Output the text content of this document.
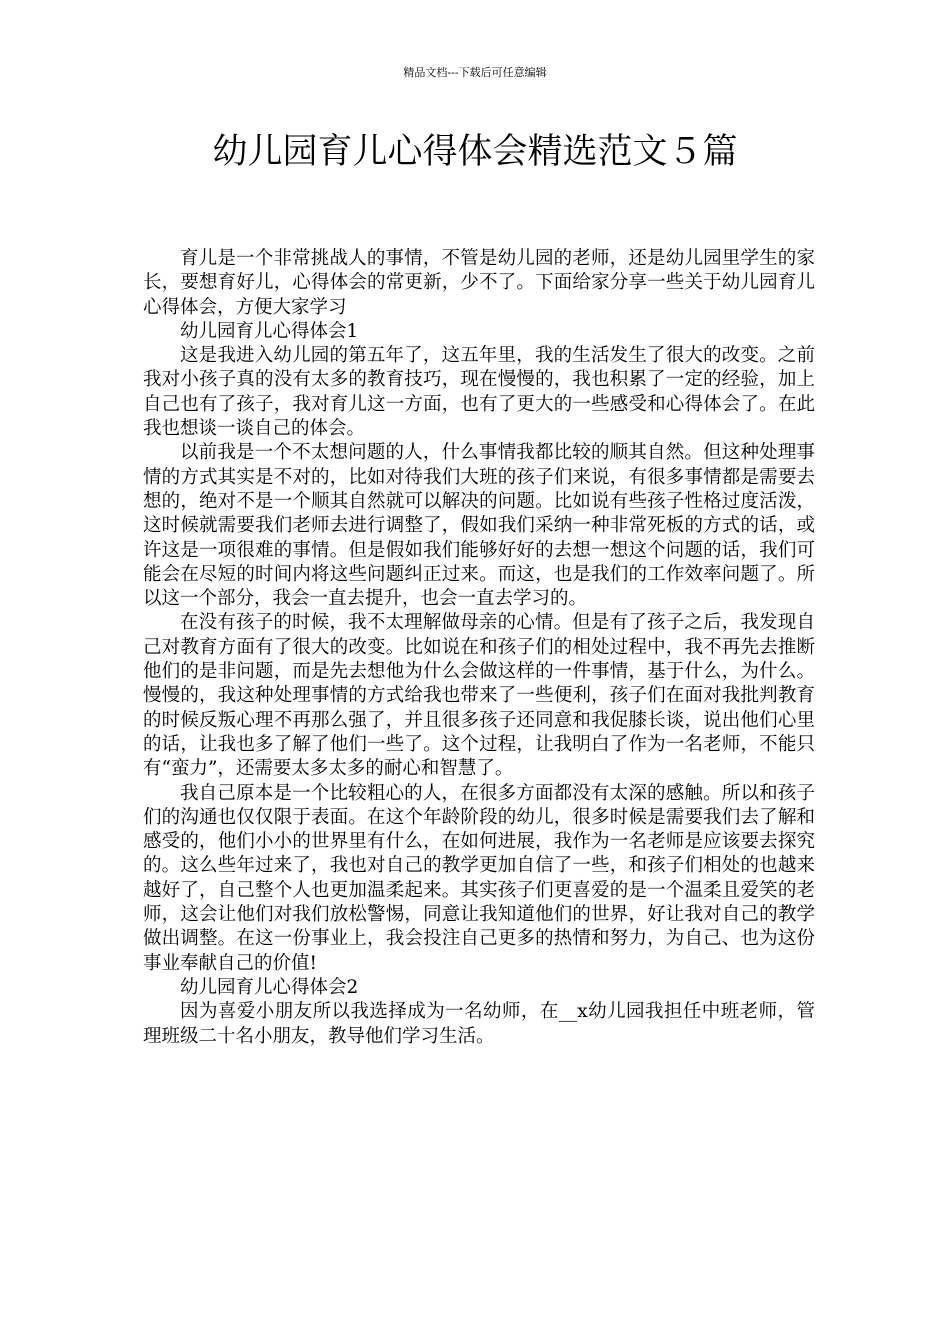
精品文档---下载后可任意编辑
幼儿园育儿心得体会精选范文５篇

育儿是一个非常挑战人的事情，不管是幼儿园的老师，还是幼儿园里学生的家长，要想育好儿，心得体会的常更新，少不了。下面给家分享一些关于幼儿园育儿心得体会，方便大家学习

幼儿园育儿心得体会1

这是我进入幼儿园的第五年了，这五年里，我的生活发生了很大的改变。之前我对小孩子真的没有太多的教育技巧，现在慢慢的，我也积累了一定的经验，加上自己也有了孩子，我对育儿这一方面，也有了更大的一些感受和心得体会了。在此我也想谈一谈自己的体会。

以前我是一个不太想问题的人，什么事情我都比较的顺其自然。但这种处理事情的方式其实是不对的，比如对待我们大班的孩子们来说，有很多事情都是需要去想的，绝对不是一个顺其自然就可以解决的问题。比如说有些孩子性格过度活泼，这时候就需要我们老师去进行调整了，假如我们采纳一种非常死板的方式的话，或许这是一项很难的事情。但是假如我们能够好好的去想一想这个问题的话，我们可能会在尽短的时间内将这些问题纠正过来。而这，也是我们的工作效率问题了。所以这一个部分，我会一直去提升，也会一直去学习的。

在没有孩子的时候，我不太理解做母亲的心情。但是有了孩子之后，我发现自己对教育方面有了很大的改变。比如说在和孩子们的相处过程中，我不再先去推断他们的是非问题，而是先去想他为什么会做这样的一件事情，基于什么，为什么。慢慢的，我这种处理事情的方式给我也带来了一些便利，孩子们在面对我批判教育的时候反叛心理不再那么强了，并且很多孩子还同意和我促膝长谈，说出他们心里的话，让我也多了解了他们一些了。这个过程，让我明白了作为一名老师，不能只有“蛮力”，还需要太多太多的耐心和智慧了。

我自己原本是一个比较粗心的人，在很多方面都没有太深的感触。所以和孩子们的沟通也仅仅限于表面。在这个年龄阶段的幼儿，很多时候是需要我们去了解和感受的，他们小小的世界里有什么，在如何进展，我作为一名老师是应该要去探究的。这么些年过来了，我也对自己的教学更加自信了一些，和孩子们相处的也越来越好了，自己整个人也更加温柔起来。其实孩子们更喜爱的是一个温柔且爱笑的老师，这会让他们对我们放松警惕，同意让我知道他们的世界，好让我对自己的教学做出调整。在这一份事业上，我会投注自己更多的热情和努力，为自己、也为这份事业奉献自己的价值!

幼儿园育儿心得体会2

因为喜爱小朋友所以我选择成为一名幼师，在__x幼儿园我担任中班老师，管理班级二十名小朋友，教导他们学习生活。
